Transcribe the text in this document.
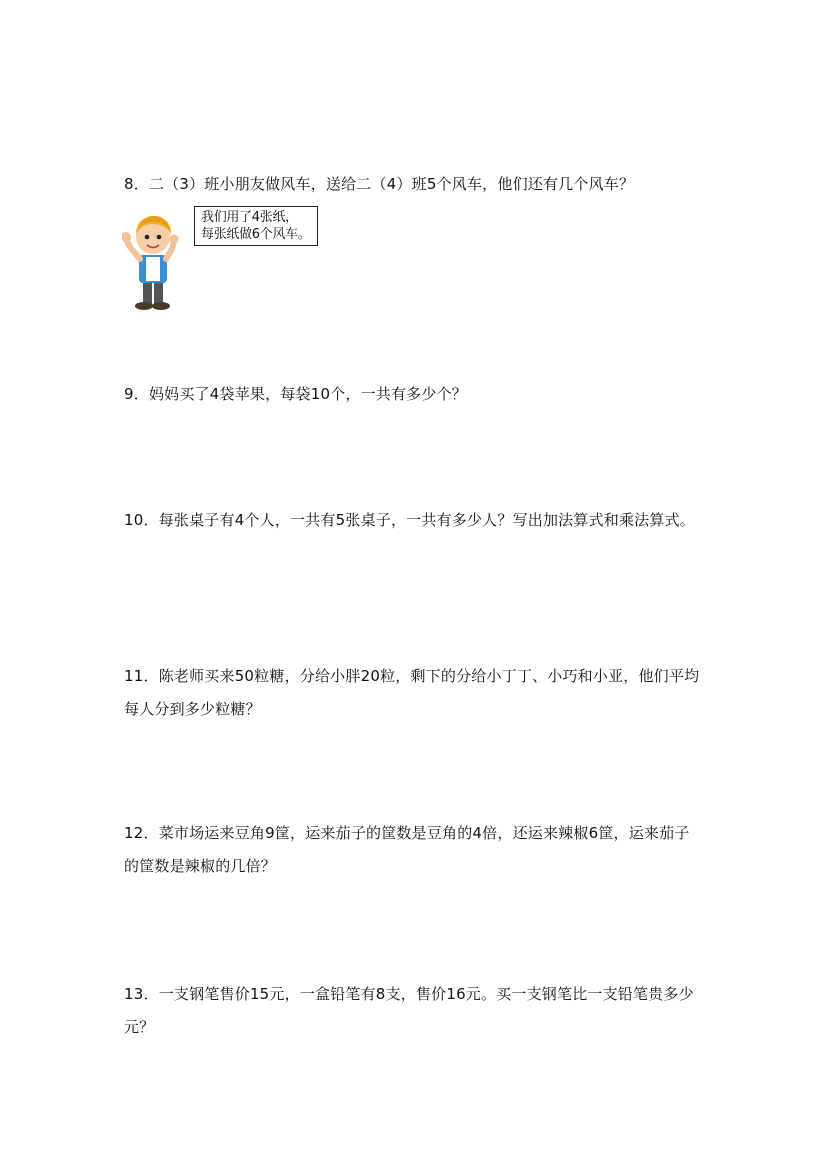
8．二（3）班小朋友做风车，送给二（4）班5个风车，他们还有几个风车？
我们用了4张纸，
每张纸做6个风车。
9．妈妈买了4袋苹果，每袋10个，一共有多少个？
10．每张桌子有4个人，一共有5张桌子，一共有多少人？写出加法算式和乘法算式。
11．陈老师买来50粒糖，分给小胖20粒，剩下的分给小丁丁、小巧和小亚，他们平均每人分到多少粒糖？
12．菜市场运来豆角9筐，运来茄子的筐数是豆角的4倍，还运来辣椒6筐，运来茄子的筐数是辣椒的几倍？
13．一支钢笔售价15元，一盒铅笔有8支，售价16元。买一支钢笔比一支铅笔贵多少元？
